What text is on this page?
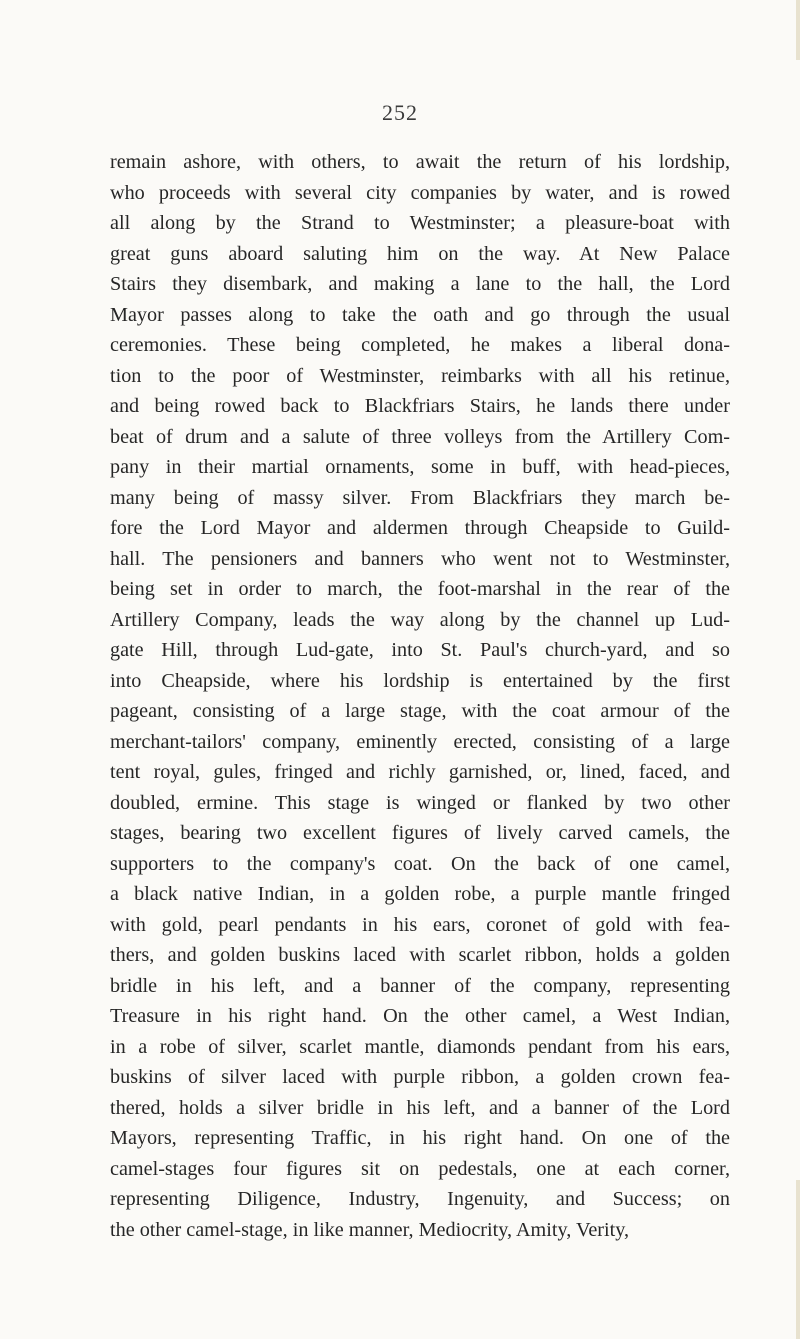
252
remain ashore, with others, to await the return of his lordship,
who proceeds with several city companies by water, and is rowed
all along by the Strand to Westminster; a pleasure-boat with
great guns aboard saluting him on the way. At New Palace
Stairs they disembark, and making a lane to the hall, the Lord
Mayor passes along to take the oath and go through the usual
ceremonies. These being completed, he makes a liberal dona-
tion to the poor of Westminster, reimbarks with all his retinue,
and being rowed back to Blackfriars Stairs, he lands there under
beat of drum and a salute of three volleys from the Artillery Com-
pany in their martial ornaments, some in buff, with head-pieces,
many being of massy silver. From Blackfriars they march be-
fore the Lord Mayor and aldermen through Cheapside to Guild-
hall. The pensioners and banners who went not to Westminster,
being set in order to march, the foot-marshal in the rear of the
Artillery Company, leads the way along by the channel up Lud-
gate Hill, through Lud-gate, into St. Paul's church-yard, and so
into Cheapside, where his lordship is entertained by the first
pageant, consisting of a large stage, with the coat armour of the
merchant-tailors' company, eminently erected, consisting of a large
tent royal, gules, fringed and richly garnished, or, lined, faced, and
doubled, ermine. This stage is winged or flanked by two other
stages, bearing two excellent figures of lively carved camels, the
supporters to the company's coat. On the back of one camel,
a black native Indian, in a golden robe, a purple mantle fringed
with gold, pearl pendants in his ears, coronet of gold with fea-
thers, and golden buskins laced with scarlet ribbon, holds a golden
bridle in his left, and a banner of the company, representing
Treasure in his right hand. On the other camel, a West Indian,
in a robe of silver, scarlet mantle, diamonds pendant from his ears,
buskins of silver laced with purple ribbon, a golden crown fea-
thered, holds a silver bridle in his left, and a banner of the Lord
Mayors, representing Traffic, in his right hand. On one of the
camel-stages four figures sit on pedestals, one at each corner,
representing Diligence, Industry, Ingenuity, and Success; on
the other camel-stage, in like manner, Mediocrity, Amity, Verity,
